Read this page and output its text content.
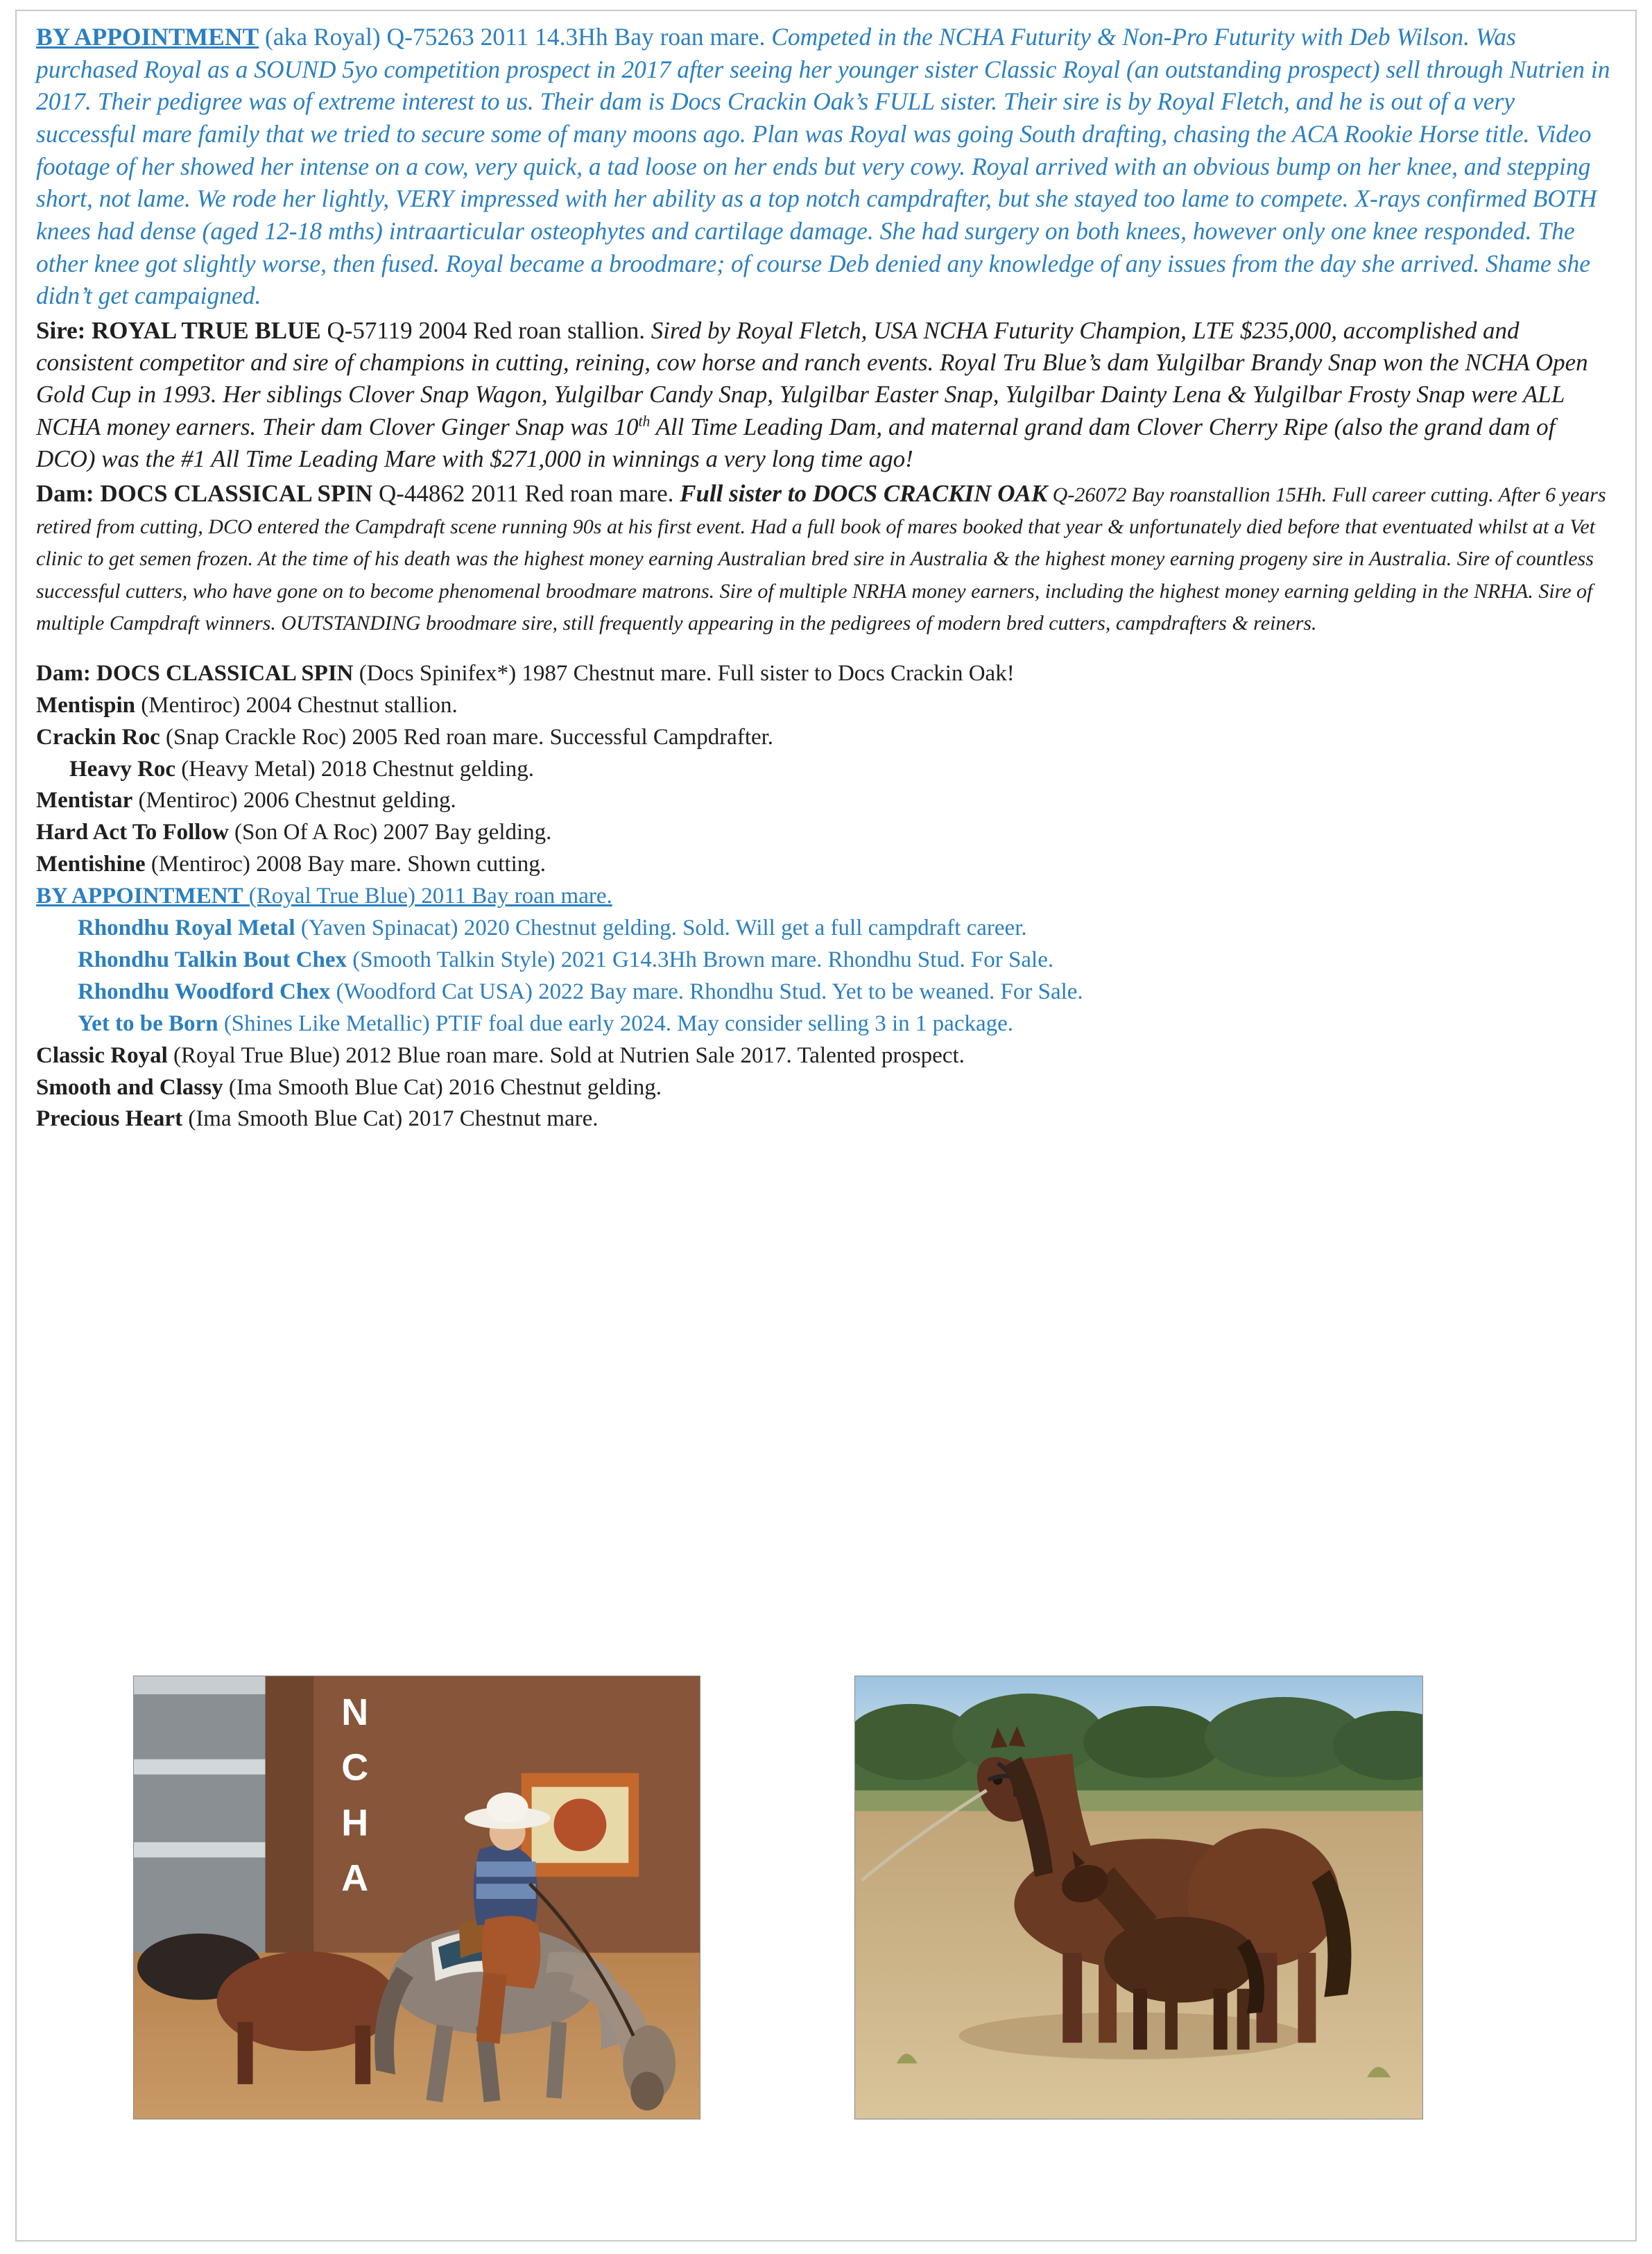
BY APPOINTMENT (aka Royal) Q-75263 2011 14.3Hh Bay roan mare. Competed in the NCHA Futurity & Non-Pro Futurity with Deb Wilson. Was purchased Royal as a SOUND 5yo competition prospect in 2017 after seeing her younger sister Classic Royal (an outstanding prospect) sell through Nutrien in 2017. Their pedigree was of extreme interest to us. Their dam is Docs Crackin Oak’s FULL sister. Their sire is by Royal Fletch, and he is out of a very successful mare family that we tried to secure some of many moons ago. Plan was Royal was going South drafting, chasing the ACA Rookie Horse title. Video footage of her showed her intense on a cow, very quick, a tad loose on her ends but very cowy. Royal arrived with an obvious bump on her knee, and stepping short, not lame. We rode her lightly, VERY impressed with her ability as a top notch campdrafter, but she stayed too lame to compete. X-rays confirmed BOTH knees had dense (aged 12-18 mths) intraarticular osteophytes and cartilage damage. She had surgery on both knees, however only one knee responded. The other knee got slightly worse, then fused. Royal became a broodmare; of course Deb denied any knowledge of any issues from the day she arrived. Shame she didn’t get campaigned.

Sire: ROYAL TRUE BLUE Q-57119 2004 Red roan stallion. Sired by Royal Fletch, USA NCHA Futurity Champion, LTE $235,000, accomplished and consistent competitor and sire of champions in cutting, reining, cow horse and ranch events. Royal Tru Blue’s dam Yulgilbar Brandy Snap won the NCHA Open Gold Cup in 1993. Her siblings Clover Snap Wagon, Yulgilbar Candy Snap, Yulgilbar Easter Snap, Yulgilbar Dainty Lena & Yulgilbar Frosty Snap were ALL NCHA money earners. Their dam Clover Ginger Snap was 10th All Time Leading Dam, and maternal grand dam Clover Cherry Ripe (also the grand dam of DCO) was the #1 All Time Leading Mare with $271,000 in winnings a very long time ago!

Dam: DOCS CLASSICAL SPIN Q-44862 2011 Red roan mare. Full sister to DOCS CRACKIN OAK Q-26072 Bay roanstallion 15Hh. Full career cutting. After 6 years retired from cutting, DCO entered the Campdraft scene running 90s at his first event. Had a full book of mares booked that year & unfortunately died before that eventuated whilst at a Vet clinic to get semen frozen. At the time of his death was the highest money earning Australian bred sire in Australia & the highest money earning progeny sire in Australia. Sire of countless successful cutters, who have gone on to become phenomenal broodmare matrons. Sire of multiple NRHA money earners, including the highest money earning gelding in the NRHA. Sire of multiple Campdraft winners. OUTSTANDING broodmare sire, still frequently appearing in the pedigrees of modern bred cutters, campdrafters & reiners.

Dam: DOCS CLASSICAL SPIN (Docs Spinifex*) 1987 Chestnut mare. Full sister to Docs Crackin Oak!

Mentispin (Mentiroc) 2004 Chestnut stallion.

Crackin Roc (Snap Crackle Roc) 2005 Red roan mare. Successful Campdrafter.

Heavy Roc (Heavy Metal) 2018 Chestnut gelding.

Mentistar (Mentiroc) 2006 Chestnut gelding.

Hard Act To Follow (Son Of A Roc) 2007 Bay gelding.

Mentishine (Mentiroc) 2008 Bay mare. Shown cutting.

BY APPOINTMENT (Royal True Blue) 2011 Bay roan mare.

Rhondhu Royal Metal (Yaven Spinacat) 2020 Chestnut gelding. Sold. Will get a full campdraft career.

Rhondhu Talkin Bout Chex (Smooth Talkin Style) 2021 G14.3Hh Brown mare. Rhondhu Stud. For Sale.

Rhondhu Woodford Chex (Woodford Cat USA) 2022 Bay mare. Rhondhu Stud. Yet to be weaned. For Sale.

Yet to be Born (Shines Like Metallic) PTIF foal due early 2024. May consider selling 3 in 1 package.

Classic Royal (Royal True Blue) 2012 Blue roan mare. Sold at Nutrien Sale 2017. Talented prospect.

Smooth and Classy (Ima Smooth Blue Cat) 2016 Chestnut gelding.

Precious Heart (Ima Smooth Blue Cat) 2017 Chestnut mare.

N
C
H
A
